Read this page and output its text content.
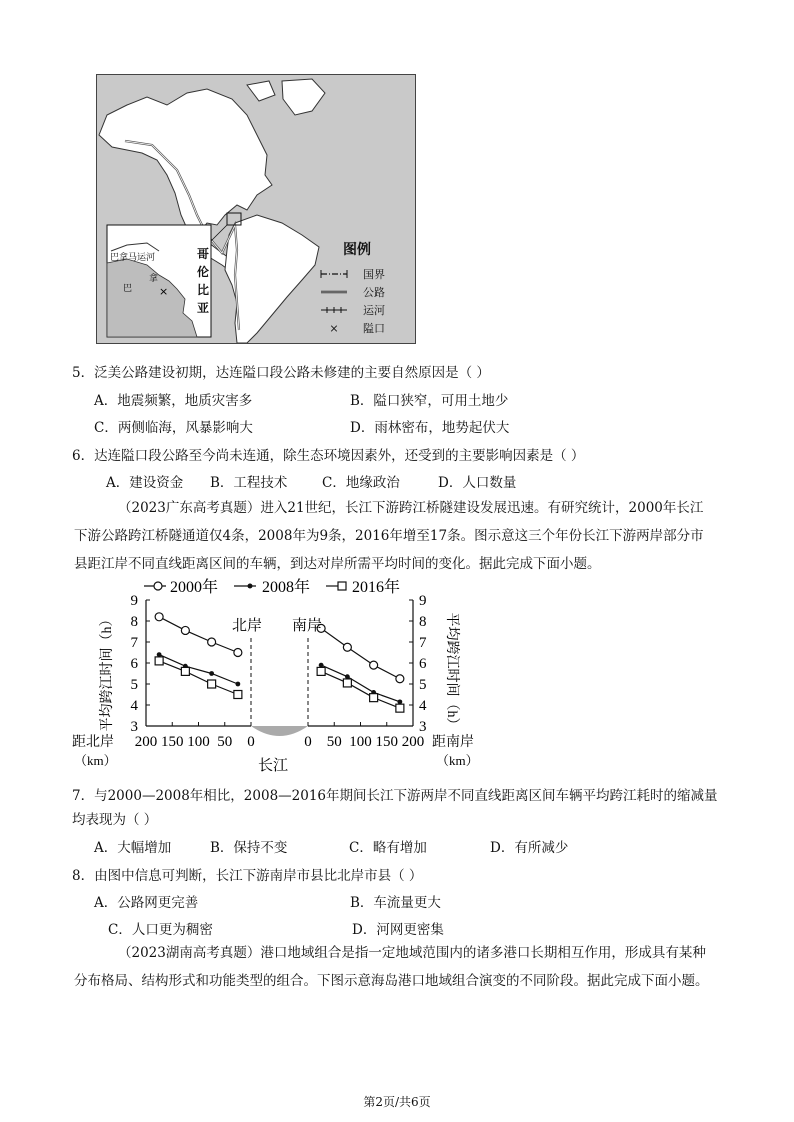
×
巴拿马运河
巴
拿
哥
伦
比
亚
图例
国界
公路
运河
×	隘口
5．泛美公路建设初期，达连隘口段公路未修建的主要自然原因是（ ）
A．地震频繁，地质灾害多	B．隘口狭窄，可用土地少
C．两侧临海，风暴影响大	D．雨林密布，地势起伏大
6．达连隘口段公路至今尚未连通，除生态环境因素外，还受到的主要影响因素是（ ）
A．建设资金 B．工程技术	C．地缘政治	D．人口数量
（2023广东高考真题）进入21世纪，长江下游跨江桥隧建设发展迅速。有研究统计，2000年长江下游公路跨江桥隧通道仅4条，2008年为9条，2016年增至17条。图示意这三个年份长江下游两岸部分市县距江岸不同直线距离区间的车辆，到达对岸所需平均时间的变化。据此完成下面小题。
2000年	2008年	2016年
3	3
4	4
5	5
6	6
7	7
8	8
9	9
200 150 100 50 0	0 50 100 150 200
北岸 南岸
长江
距北岸
（km）
距南岸
（km）
平均跨江时间（h）	平均跨江时间（h）
7．与2000—2008年相比，2008—2016年期间长江下游两岸不同直线距离区间车辆平均跨江耗时的缩减量
均表现为（ ）
A．大幅增加	B．保持不变	C．略有增加	D．有所减少
8．由图中信息可判断，长江下游南岸市县比北岸市县（ ）
A．公路网更完善	B．车流量更大
C．人口更为稠密	D．河网更密集
（2023湖南高考真题）港口地域组合是指一定地域范围内的诸多港口长期相互作用，形成具有某种分布格局、结构形式和功能类型的组合。下图示意海岛港口地域组合演变的不同阶段。据此完成下面小题。
第2页/共6页
